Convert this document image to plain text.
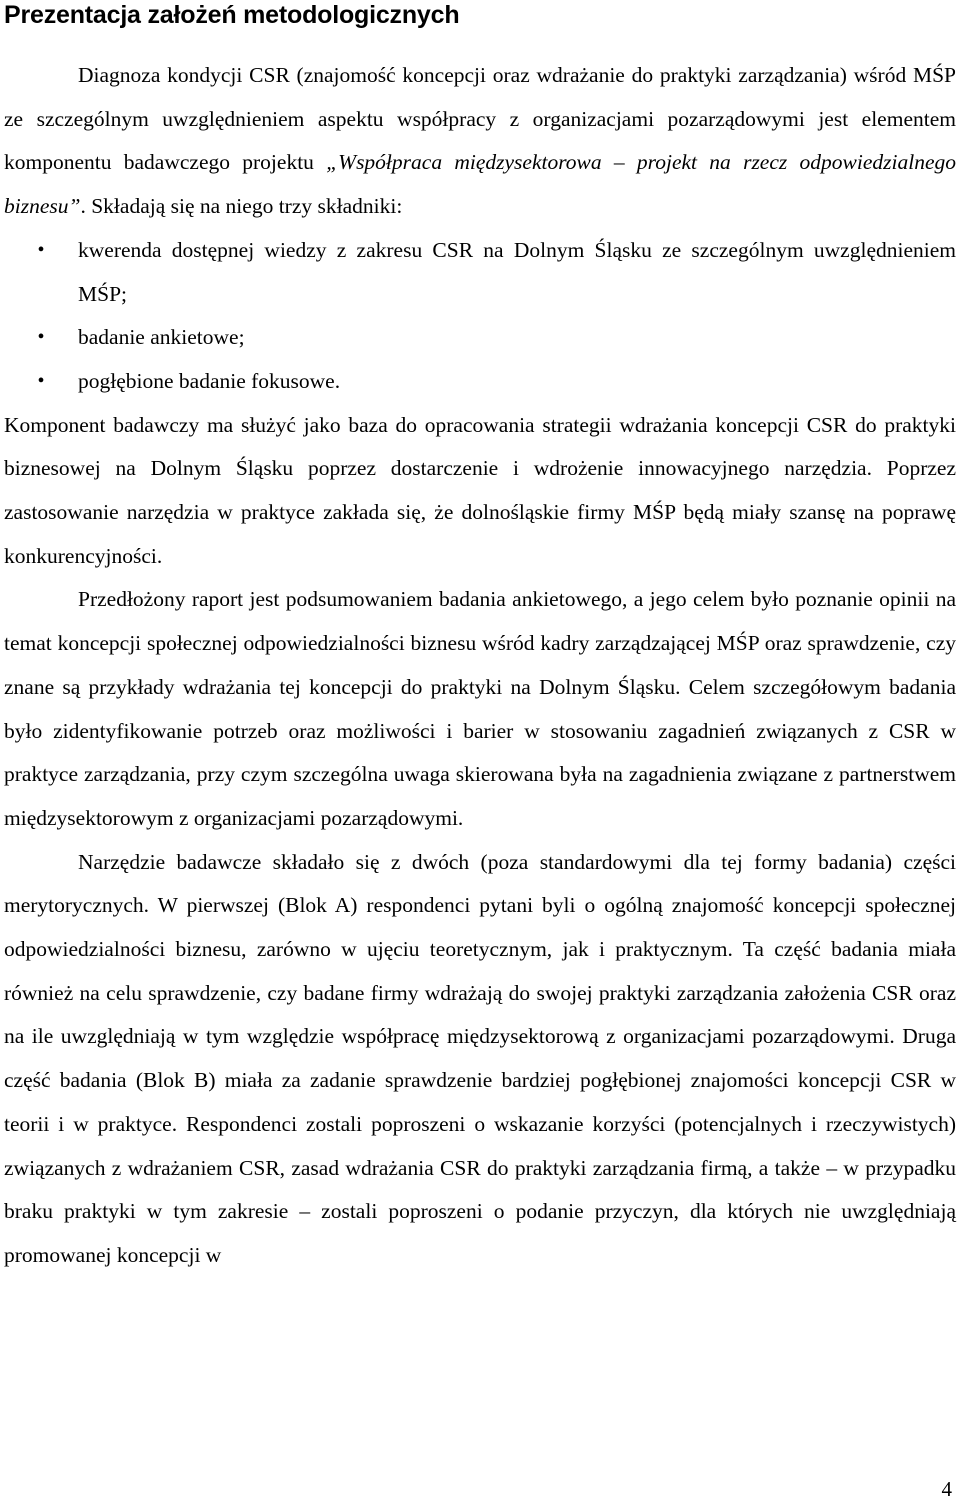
Prezentacja założeń metodologicznych

Diagnoza kondycji CSR (znajomość koncepcji oraz wdrażanie do praktyki zarządzania) wśród MŚP ze szczególnym uwzględnieniem aspektu współpracy z organizacjami pozarządowymi jest elementem komponentu badawczego projektu „Współpraca międzysektorowa – projekt na rzecz odpowiedzialnego biznesu”. Składają się na niego trzy składniki:

•	kwerenda dostępnej wiedzy z zakresu CSR na Dolnym Śląsku ze szczególnym uwzględnieniem MŚP;
•	badanie ankietowe;
•	pogłębione badanie fokusowe.

Komponent badawczy ma służyć jako baza do opracowania strategii wdrażania koncepcji CSR do praktyki biznesowej na Dolnym Śląsku poprzez dostarczenie i wdrożenie innowacyjnego narzędzia. Poprzez zastosowanie narzędzia w praktyce zakłada się, że dolnośląskie firmy MŚP będą miały szansę na poprawę konkurencyjności.

Przedłożony raport jest podsumowaniem badania ankietowego, a jego celem było poznanie opinii na temat koncepcji społecznej odpowiedzialności biznesu wśród kadry zarządzającej MŚP oraz sprawdzenie, czy znane są przykłady wdrażania tej koncepcji do praktyki na Dolnym Śląsku. Celem szczegółowym badania było zidentyfikowanie potrzeb oraz możliwości i barier w stosowaniu zagadnień związanych z CSR w praktyce zarządzania, przy czym szczególna uwaga skierowana była na zagadnienia związane z partnerstwem międzysektorowym z organizacjami pozarządowymi.

Narzędzie badawcze składało się z dwóch (poza standardowymi dla tej formy badania) części merytorycznych. W pierwszej (Blok A) respondenci pytani byli o ogólną znajomość koncepcji społecznej odpowiedzialności biznesu, zarówno w ujęciu teoretycznym, jak i praktycznym. Ta część badania miała również na celu sprawdzenie, czy badane firmy wdrażają do swojej praktyki zarządzania założenia CSR oraz na ile uwzględniają w tym względzie współpracę międzysektorową z organizacjami pozarządowymi. Druga część badania (Blok B) miała za zadanie sprawdzenie bardziej pogłębionej znajomości koncepcji CSR w teorii i w praktyce. Respondenci zostali poproszeni o wskazanie korzyści (potencjalnych i rzeczywistych) związanych z wdrażaniem CSR, zasad wdrażania CSR do praktyki zarządzania firmą, a także – w przypadku braku praktyki w tym zakresie – zostali poproszeni o podanie przyczyn, dla których nie uwzględniają promowanej koncepcji w

4
